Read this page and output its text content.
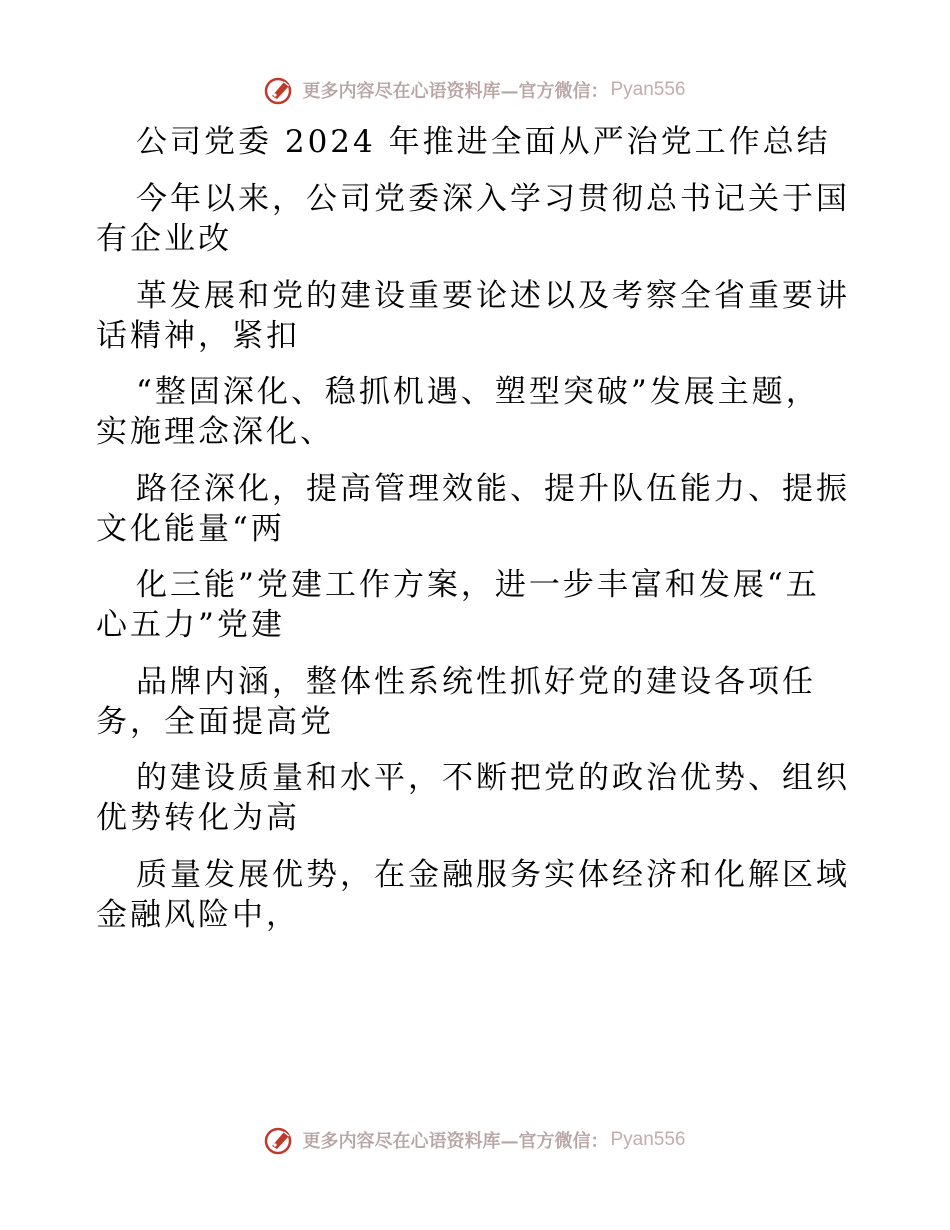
更多内容尽在心语资料库—官方微信： Pyan556
公司党委 2024 年推进全面从严治党工作总结
今年以来，公司党委深入学习贯彻总书记关于国
有企业改
革发展和党的建设重要论述以及考察全省重要讲
话精神，紧扣
“整固深化、稳抓机遇、塑型突破”发展主题，
实施理念深化、
路径深化，提高管理效能、提升队伍能力、提振
文化能量“两
化三能”党建工作方案，进一步丰富和发展“五
心五力”党建
品牌内涵，整体性系统性抓好党的建设各项任
务，全面提高党
的建设质量和水平，不断把党的政治优势、组织
优势转化为高
质量发展优势，在金融服务实体经济和化解区域
金融风险中，
更多内容尽在心语资料库—官方微信： Pyan556
